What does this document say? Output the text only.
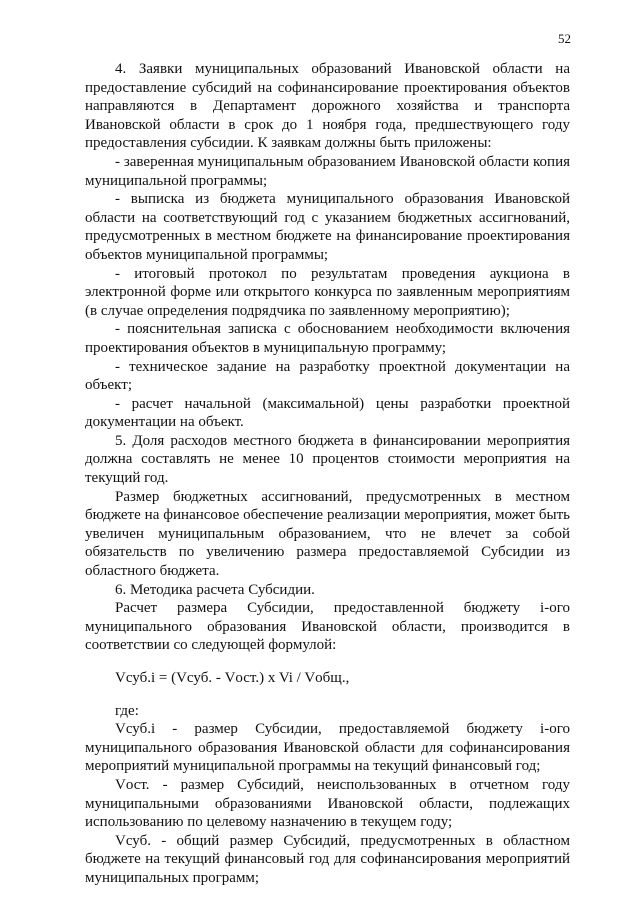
52

4. Заявки муниципальных образований Ивановской области на предоставление субсидий на софинансирование проектирования объектов направляются в Департамент дорожного хозяйства и транспорта Ивановской области в срок до 1 ноября года, предшествующего году предоставления субсидии. К заявкам должны быть приложены:

- заверенная муниципальным образованием Ивановской области копия муниципальной программы;

- выписка из бюджета муниципального образования Ивановской области на соответствующий год с указанием бюджетных ассигнований, предусмотренных в местном бюджете на финансирование проектирования объектов муниципальной программы;

- итоговый протокол по результатам проведения аукциона в электронной форме или открытого конкурса по заявленным мероприятиям (в случае определения подрядчика по заявленному мероприятию);

- пояснительная записка с обоснованием необходимости включения проектирования объектов в муниципальную программу;

- техническое задание на разработку проектной документации на объект;

- расчет начальной (максимальной) цены разработки проектной документации на объект.

5. Доля расходов местного бюджета в финансировании мероприятия должна составлять не менее 10 процентов стоимости мероприятия на текущий год.

Размер бюджетных ассигнований, предусмотренных в местном бюджете на финансовое обеспечение реализации мероприятия, может быть увеличен муниципальным образованием, что не влечет за собой обязательств по увеличению размера предоставляемой Субсидии из областного бюджета.

6. Методика расчета Субсидии.

Расчет размера Субсидии, предоставленной бюджету i-ого муниципального образования Ивановской области, производится в соответствии со следующей формулой:

Vсуб.i = (Vсуб. - Vост.) x Vi / Vобщ.,

где:

Vсуб.i - размер Субсидии, предоставляемой бюджету i-ого муниципального образования Ивановской области для софинансирования мероприятий муниципальной программы на текущий финансовый год;

Vост. - размер Субсидий, неиспользованных в отчетном году муниципальными образованиями Ивановской области, подлежащих использованию по целевому назначению в текущем году;

Vсуб. - общий размер Субсидий, предусмотренных в областном бюджете на текущий финансовый год для софинансирования мероприятий муниципальных программ;
